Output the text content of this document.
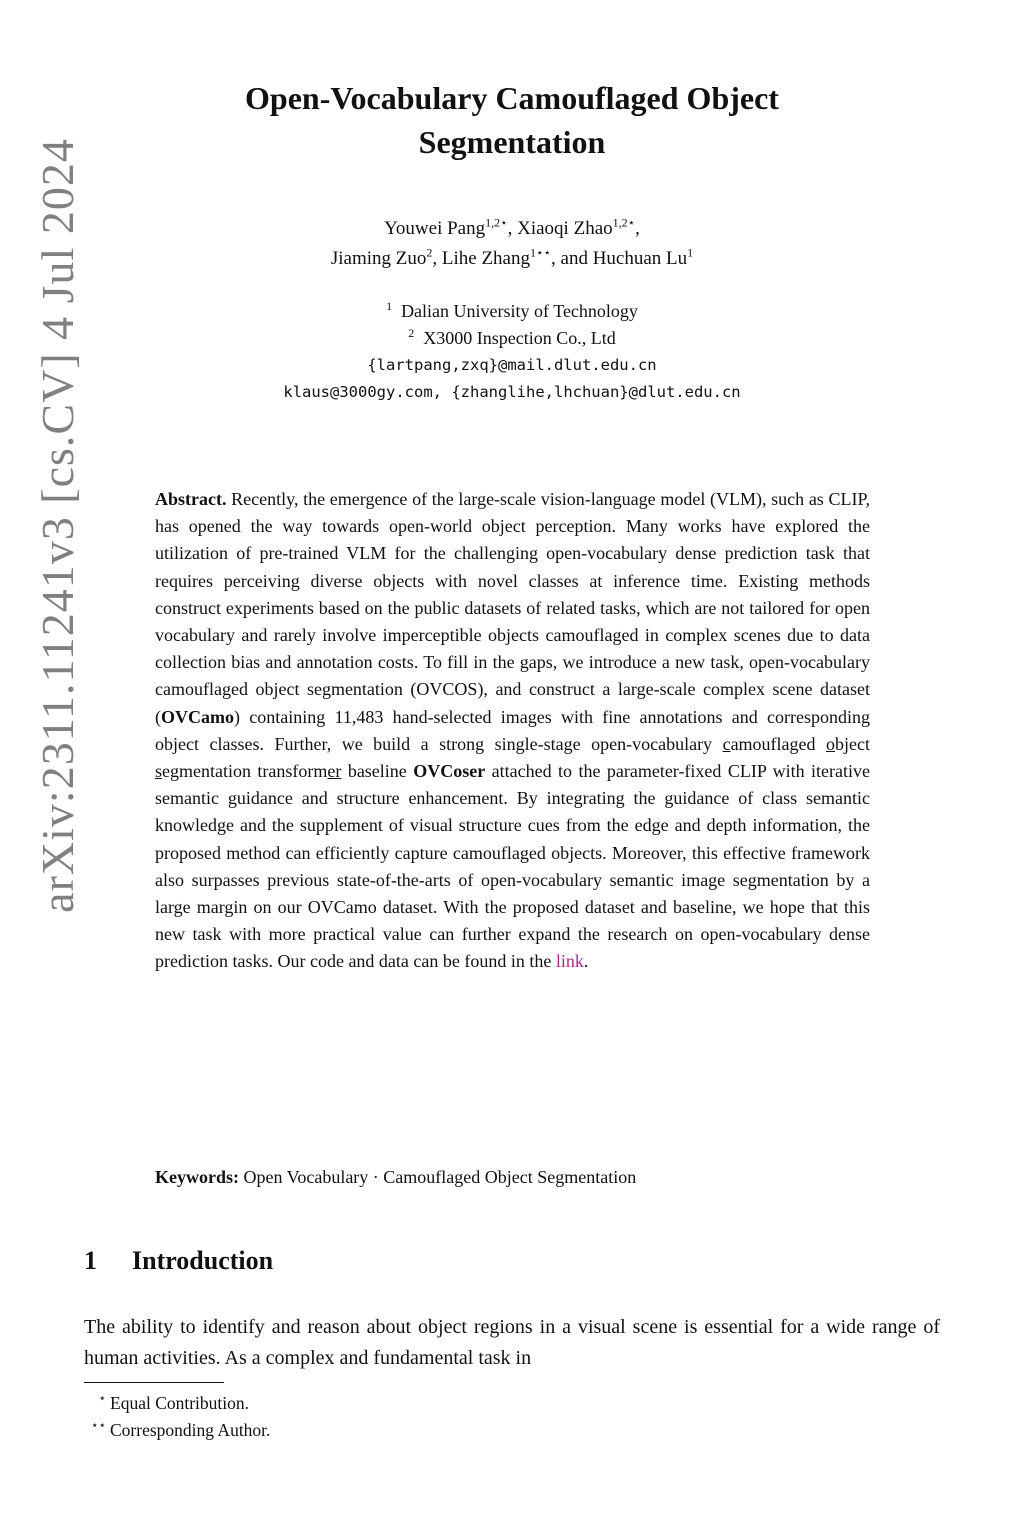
arXiv:2311.11241v3 [cs.CV] 4 Jul 2024
Open-Vocabulary Camouflaged Object
Segmentation
Youwei Pang$^{1,2⋆}$, Xiaoqi Zhao$^{1,2⋆}$,
Jiaming Zuo$^2$, Lihe Zhang$^{1⋆⋆}$, and Huchuan Lu$^1$
$^1$ Dalian University of Technology
$^2$ X3000 Inspection Co., Ltd
{lartpang,zxq}@mail.dlut.edu.cn
klaus@3000gy.com, {zhanglihe,lhchuan}@dlut.edu.cn
Abstract. Recently, the emergence of the large-scale vision-language model (VLM), such as CLIP, has opened the way towards open-world object perception. Many works have explored the utilization of pre-trained VLM for the challenging open-vocabulary dense prediction task that requires perceiving diverse objects with novel classes at inference time. Existing methods construct experiments based on the public datasets of related tasks, which are not tailored for open vocabulary and rarely involve imperceptible objects camouflaged in complex scenes due to data collection bias and annotation costs. To fill in the gaps, we introduce a new task, open-vocabulary camouflaged object segmentation (OVCOS), and construct a large-scale complex scene dataset (OVCamo) containing 11,483 hand-selected images with fine annotations and corresponding object classes. Further, we build a strong single-stage open-vocabulary camouflaged object segmentation transformer baseline OVCoser attached to the parameter-fixed CLIP with iterative semantic guidance and structure enhancement. By integrating the guidance of class semantic knowledge and the supplement of visual structure cues from the edge and depth information, the proposed method can efficiently capture camouflaged objects. Moreover, this effective framework also surpasses previous state-of-the-arts of open-vocabulary semantic image segmentation by a large margin on our OVCamo dataset. With the proposed dataset and baseline, we hope that this new task with more practical value can further expand the research on open-vocabulary dense prediction tasks. Our code and data can be found in the link.
Keywords: Open Vocabulary · Camouflaged Object Segmentation
1 Introduction
The ability to identify and reason about object regions in a visual scene is essential for a wide range of human activities. As a complex and fundamental task in
⋆ Equal Contribution.
⋆⋆ Corresponding Author.
